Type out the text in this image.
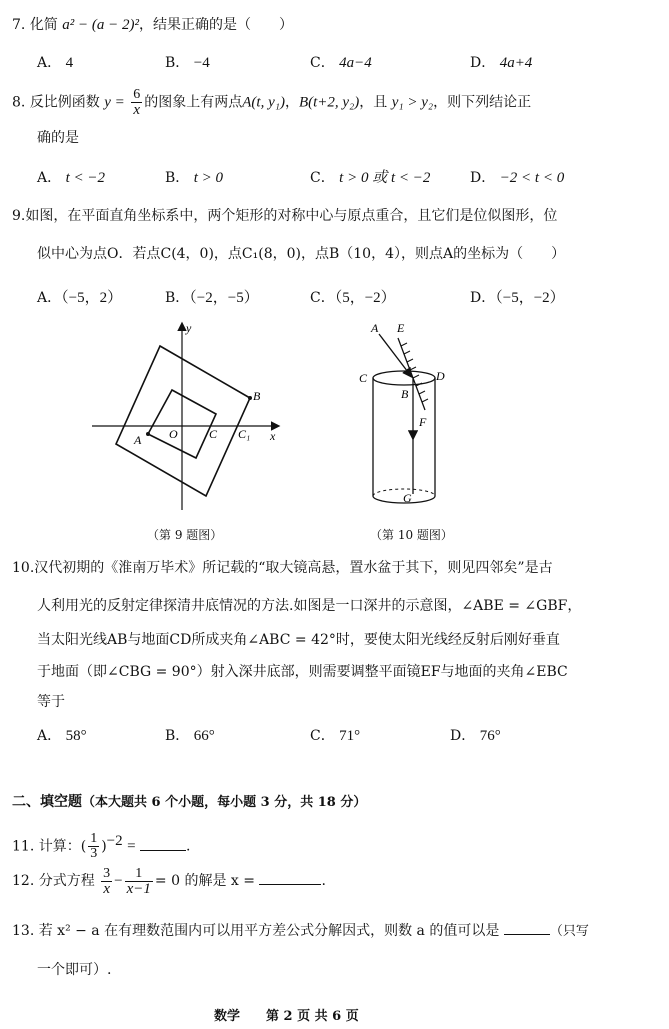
7. 化简 a² − (a − 2)²，结果正确的是（　　）
A． 4	B． −4	C． 4a−4	D． 4a+4
8. 反比例函数 $y = \frac{6}{x}$ 的图象上有两点A(t, y₁)，B(t+2, y₂)，且 y₁ > y₂，则下列结论正
确的是
A． t < −2	B． t > 0	C． t > 0 或 t < −2	D． −2 < t < 0
9.如图，在平面直角坐标系中，两个矩形的对称中心与原点重合，且它们是位似图形，位
似中心为点O．若点C(4，0)，点C₁(8，0)，点B（10，4），则点A的坐标为（　　）
A．（−5，2）	B．（−2，−5）	C．（5，−2）	D．（−5，−2）
y
x
O
A
B
C C₁
（第 9 题图）
A E
C	D
B
F
G
（第 10 题图）
10.汉代初期的《淮南万毕术》所记载的“取大镜高悬，置水盆于其下，则见四邻矣”是古
人利用光的反射定律探清井底情况的方法.如图是一口深井的示意图，∠ABE = ∠GBF，
当太阳光线AB与地面CD所成夹角∠ABC = 42°时，要使太阳光线经反射后刚好垂直
于地面（即∠CBG = 90°）射入深井底部，则需要调整平面镜EF与地面的夹角∠EBC
等于
A． 58°	B． 66°	C． 71°	D． 76°
二、填空题（本大题共 6 个小题，每小题 3 分，共 18 分）
11. 计算：( $\frac{1}{3} )^{-2}$ =	.
12. 分式方程 $\frac{3}{x} - \frac{1}{x-1} = 0$ 的解是 x =	.
13. 若 x² − a 在有理数范围内可以用平方差公式分解因式，则数 a 的值可以是	（只写
一个即可）.
数学　　第 2 页 共 6 页
